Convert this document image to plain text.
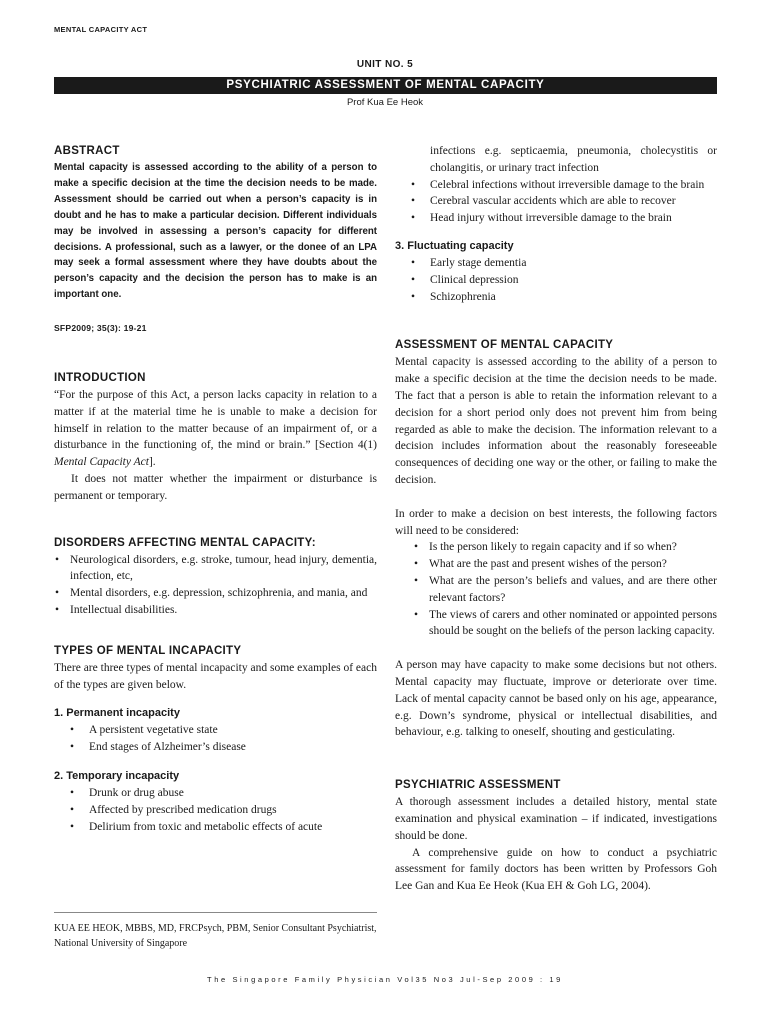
MENTAL CAPACITY ACT
UNIT NO. 5
PSYCHIATRIC ASSESSMENT OF MENTAL CAPACITY
Prof Kua Ee Heok
ABSTRACT

Mental capacity is assessed according to the ability of a person to make a specific decision at the time the decision needs to be made. Assessment should be carried out when a person’s capacity is in doubt and he has to make a particular decision. Different individuals may be involved in assessing a person’s capacity for different decisions. A professional, such as a lawyer, or the donee of an LPA may seek a formal assessment where they have doubts about the person’s capacity and the decision the person has to make is an important one.

SFP2009; 35(3): 19-21
INTRODUCTION

“For the purpose of this Act, a person lacks capacity in relation to a matter if at the material time he is unable to make a decision for himself in relation to the matter because of an impairment of, or a disturbance in the functioning of, the mind or brain.” [Section 4(1) Mental Capacity Act].

It does not matter whether the impairment or disturbance is permanent or temporary.

DISORDERS AFFECTING MENTAL CAPACITY:
• Neurological disorders, e.g. stroke, tumour, head injury, dementia, infection, etc,
• Mental disorders, e.g. depression, schizophrenia, and mania, and
• Intellectual disabilities.
TYPES OF MENTAL INCAPACITY

There are three types of mental incapacity and some examples of each of the types are given below.

1. Permanent incapacity
• A persistent vegetative state
• End stages of Alzheimer’s disease
2. Temporary incapacity
• Drunk or drug abuse
• Affected by prescribed medication drugs
• Delirium from toxic and metabolic effects of acute
KUA EE HEOK, MBBS, MD, FRCPsych, PBM, Senior Consultant Psychiatrist, National University of Singapore

infections e.g. septicaemia, pneumonia, cholecystitis or cholangitis, or urinary tract infection

• Celebral infections without irreversible damage to the brain
• Cerebral vascular accidents which are able to recover
• Head injury without irreversible damage to the brain
3. Fluctuating capacity
• Early stage dementia
• Clinical depression
• Schizophrenia
ASSESSMENT OF MENTAL CAPACITY

Mental capacity is assessed according to the ability of a person to make a specific decision at the time the decision needs to be made. The fact that a person is able to retain the information relevant to a decision for a short period only does not prevent him from being regarded as able to make the decision. The information relevant to a decision includes information about the reasonably foreseeable consequences of deciding one way or the other, or failing to make the decision.

In order to make a decision on best interests, the following factors will need to be considered:

• Is the person likely to regain capacity and if so when?
• What are the past and present wishes of the person?
• What are the person’s beliefs and values, and are there other relevant factors?
• The views of carers and other nominated or appointed persons should be sought on the beliefs of the person lacking capacity.

A person may have capacity to make some decisions but not others. Mental capacity may fluctuate, improve or deteriorate over time. Lack of mental capacity cannot be based only on his age, appearance, e.g. Down’s syndrome, physical or intellectual disabilities, and behaviour, e.g. talking to oneself, shouting and gesticulating.

PSYCHIATRIC ASSESSMENT

A thorough assessment includes a detailed history, mental state examination and physical examination – if indicated, investigations should be done.

A comprehensive guide on how to conduct a psychiatric assessment for family doctors has been written by Professors Goh Lee Gan and Kua Ee Heok (Kua EH & Goh LG, 2004).

The Singapore Family Physician Vol35 No3 Jul-Sep 2009 : 19
